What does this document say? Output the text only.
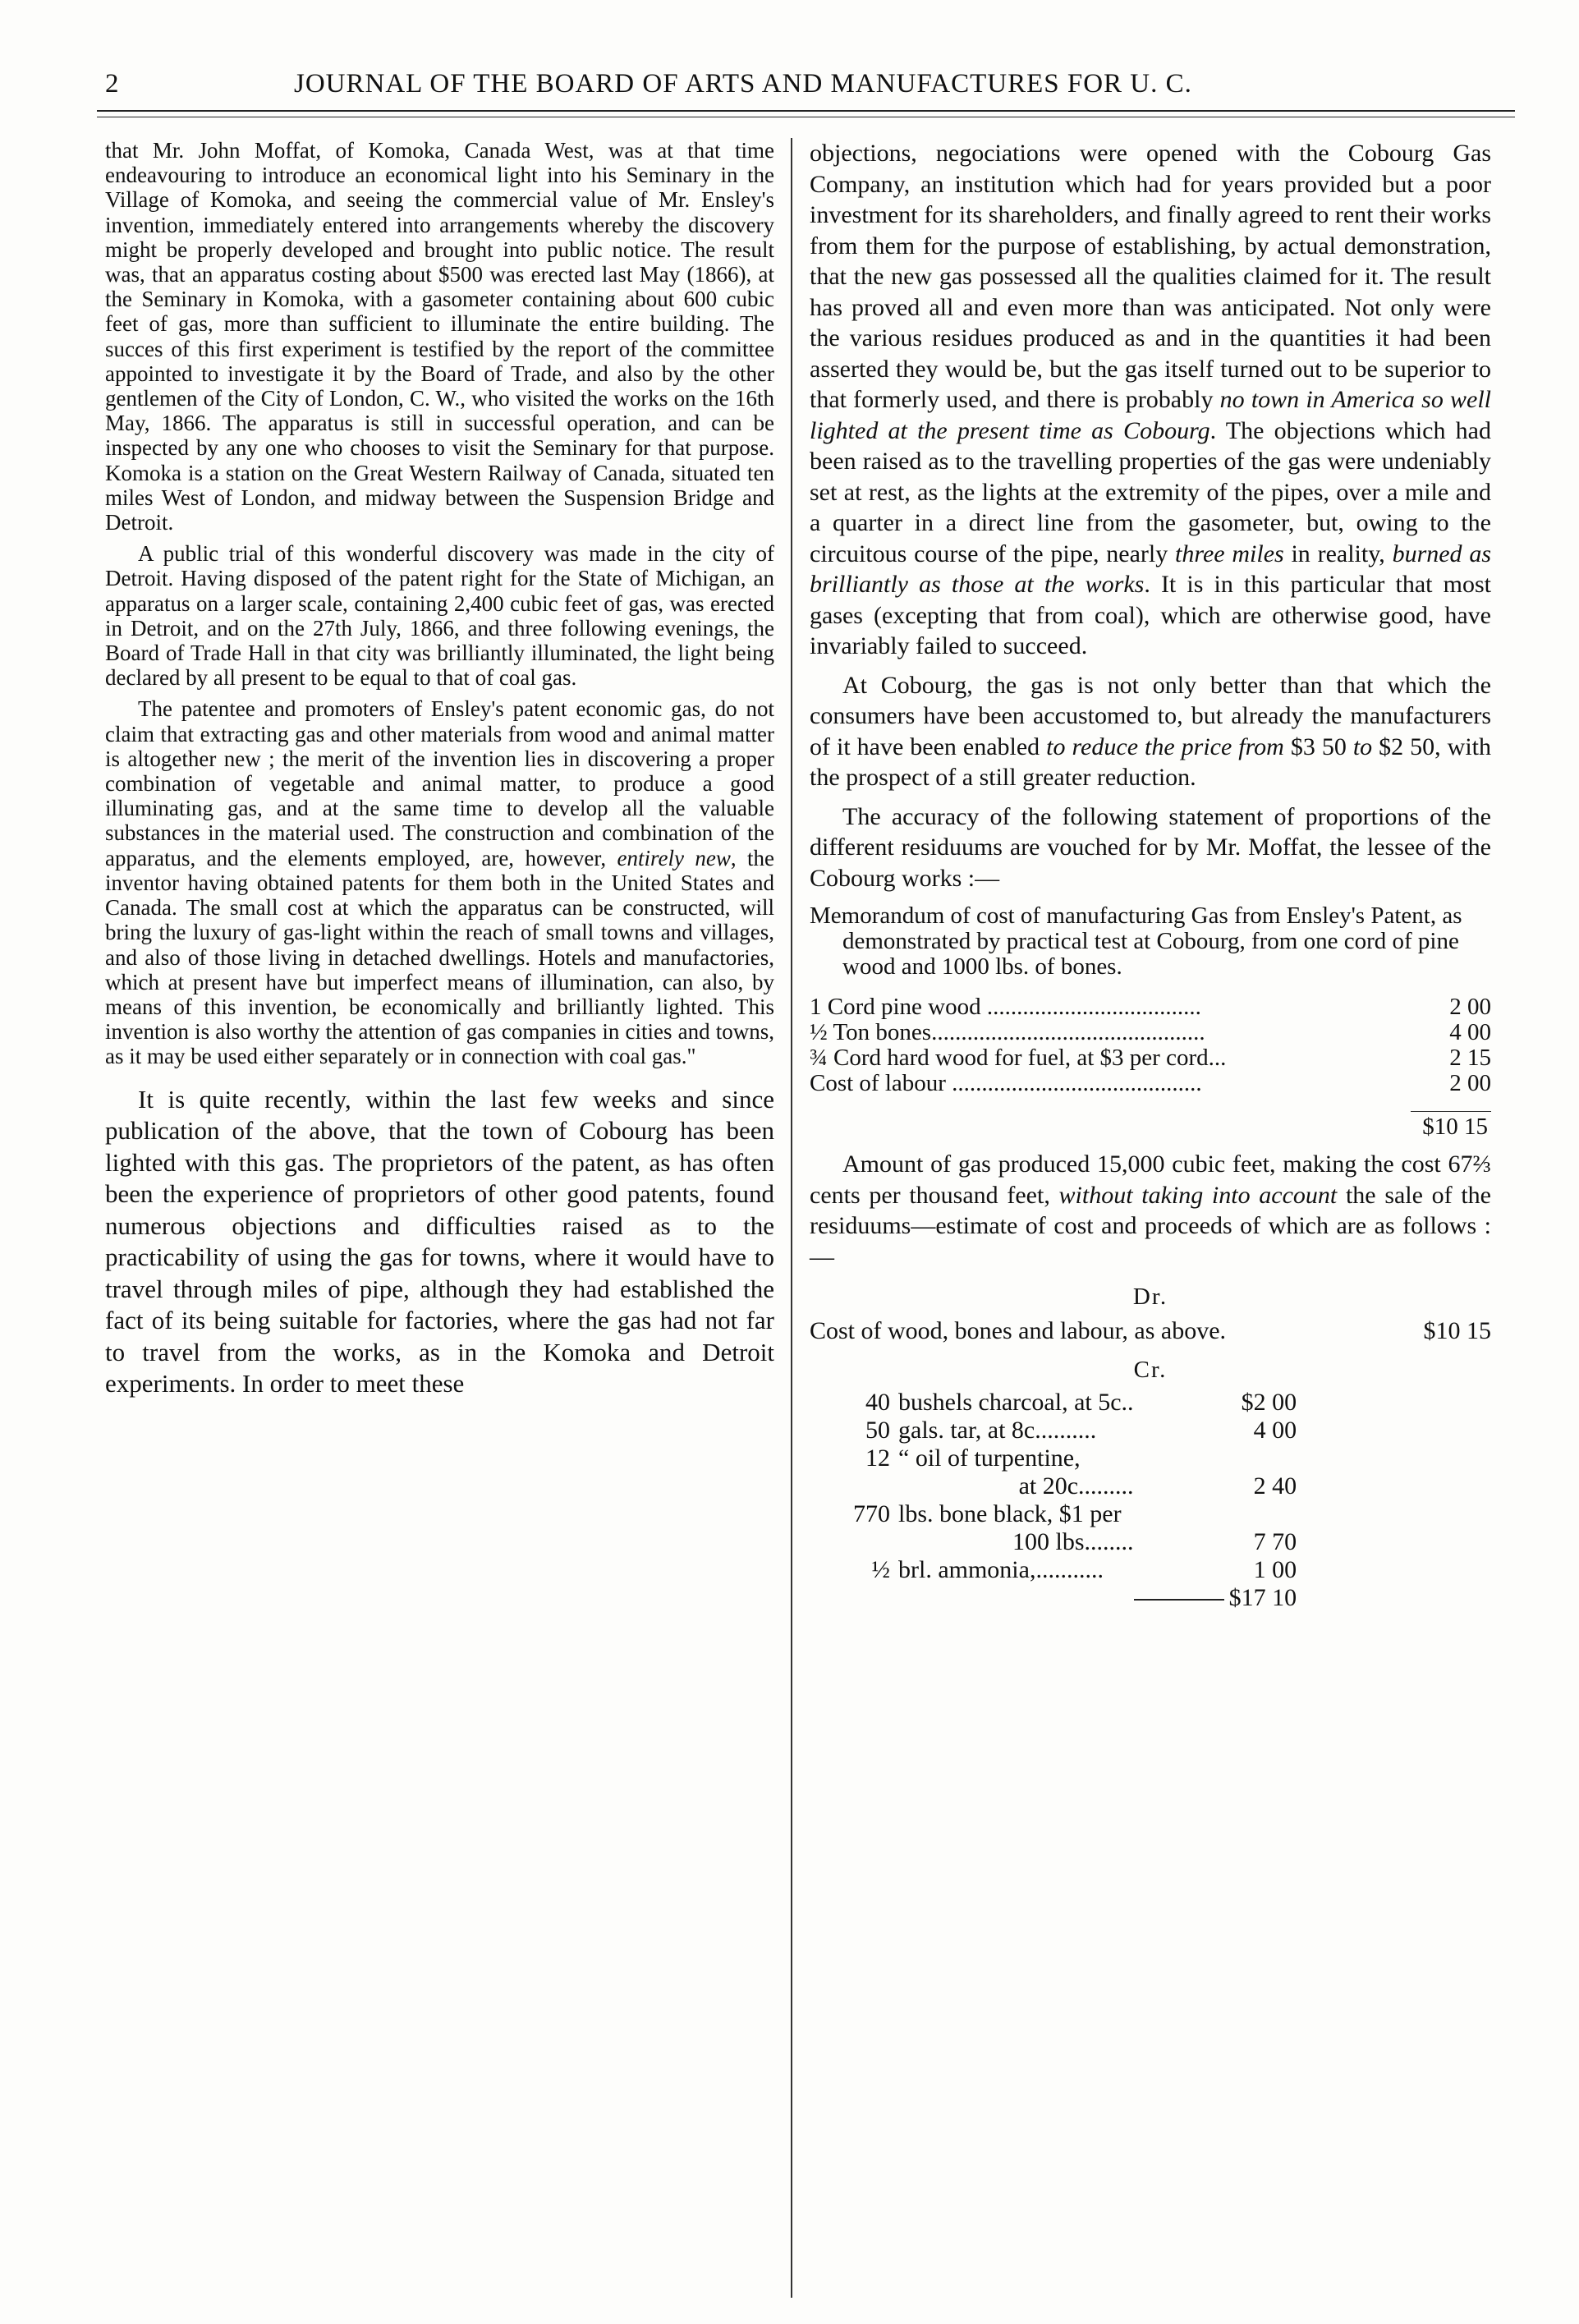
2	JOURNAL OF THE BOARD OF ARTS AND MANUFACTURES FOR U. C.

that Mr. John Moffat, of Komoka, Canada West, was at that time endeavouring to introduce an economical light into his Seminary in the Village of Komoka, and seeing the commercial value of Mr. Ensley's invention, immediately entered into arrangements whereby the discovery might be properly developed and brought into public notice. The result was, that an apparatus costing about $500 was erected last May (1866), at the Seminary in Komoka, with a gasometer containing about 600 cubic feet of gas, more than sufficient to illuminate the entire building. The succes of this first experiment is testified by the report of the committee appointed to investigate it by the Board of Trade, and also by the other gentlemen of the City of London, C. W., who visited the works on the 16th May, 1866. The apparatus is still in successful operation, and can be inspected by any one who chooses to visit the Seminary for that purpose. Komoka is a station on the Great Western Railway of Canada, situated ten miles West of London, and midway between the Suspension Bridge and Detroit.

A public trial of this wonderful discovery was made in the city of Detroit. Having disposed of the patent right for the State of Michigan, an apparatus on a larger scale, containing 2,400 cubic feet of gas, was erected in Detroit, and on the 27th July, 1866, and three following evenings, the Board of Trade Hall in that city was brilliantly illuminated, the light being declared by all present to be equal to that of coal gas.

The patentee and promoters of Ensley's patent economic gas, do not claim that extracting gas and other materials from wood and animal matter is altogether new ; the merit of the invention lies in discovering a proper combination of vegetable and animal matter, to produce a good illuminating gas, and at the same time to develop all the valuable substances in the material used. The construction and combination of the apparatus, and the elements employed, are, however, entirely new, the inventor having obtained patents for them both in the United States and Canada. The small cost at which the apparatus can be constructed, will bring the luxury of gas-light within the reach of small towns and villages, and also of those living in detached dwellings. Hotels and manufactories, which at present have but imperfect means of illumination, can also, by means of this invention, be economically and brilliantly lighted. This invention is also worthy the attention of gas companies in cities and towns, as it may be used either separately or in connection with coal gas."

It is quite recently, within the last few weeks and since publication of the above, that the town of Cobourg has been lighted with this gas. The proprietors of the patent, as has often been the experience of proprietors of other good patents, found numerous objections and difficulties raised as to the practicability of using the gas for towns, where it would have to travel through miles of pipe, although they had established the fact of its being suitable for factories, where the gas had not far to travel from the works, as in the Komoka and Detroit experiments. In order to meet these

objections, negociations were opened with the Cobourg Gas Company, an institution which had for years provided but a poor investment for its shareholders, and finally agreed to rent their works from them for the purpose of establishing, by actual demonstration, that the new gas possessed all the qualities claimed for it. The result has proved all and even more than was anticipated. Not only were the various residues produced as and in the quantities it had been asserted they would be, but the gas itself turned out to be superior to that formerly used, and there is probably no town in America so well lighted at the present time as Cobourg. The objections which had been raised as to the travelling properties of the gas were undeniably set at rest, as the lights at the extremity of the pipes, over a mile and a quarter in a direct line from the gasometer, but, owing to the circuitous course of the pipe, nearly three miles in reality, burned as brilliantly as those at the works. It is in this particular that most gases (excepting that from coal), which are otherwise good, have invariably failed to succeed.

At Cobourg, the gas is not only better than that which the consumers have been accustomed to, but already the manufacturers of it have been enabled to reduce the price from $3 50 to $2 50, with the prospect of a still greater reduction.

The accuracy of the following statement of proportions of the different residuums are vouched for by Mr. Moffat, the lessee of the Cobourg works :—

Memorandum of cost of manufacturing Gas from Ensley's Patent, as demonstrated by practical test at Cobourg, from one cord of pine wood and 1000 lbs. of bones.
1 Cord pine wood ....................................	2 00
½ Ton bones..............................................	4 00
¾ Cord hard wood for fuel, at $3 per cord...	2 15
Cost of labour ..........................................	2 00
$10 15

Amount of gas produced 15,000 cubic feet, making the cost 67⅔ cents per thousand feet, without taking into account the sale of the residuums—estimate of cost and proceeds of which are as follows :—

Dr.
Cost of wood, bones and labour, as above.	$10 15
Cr.
40	bushels charcoal, at 5c..	$2 00
50	gals. tar, at 8c..........	4 00
12	“ oil of turpentine,	
	at 20c.........	2 40
770	lbs. bone black, $1 per	
	100 lbs........	7 70
½	brl. ammonia,...........	1 00
		$17 10
